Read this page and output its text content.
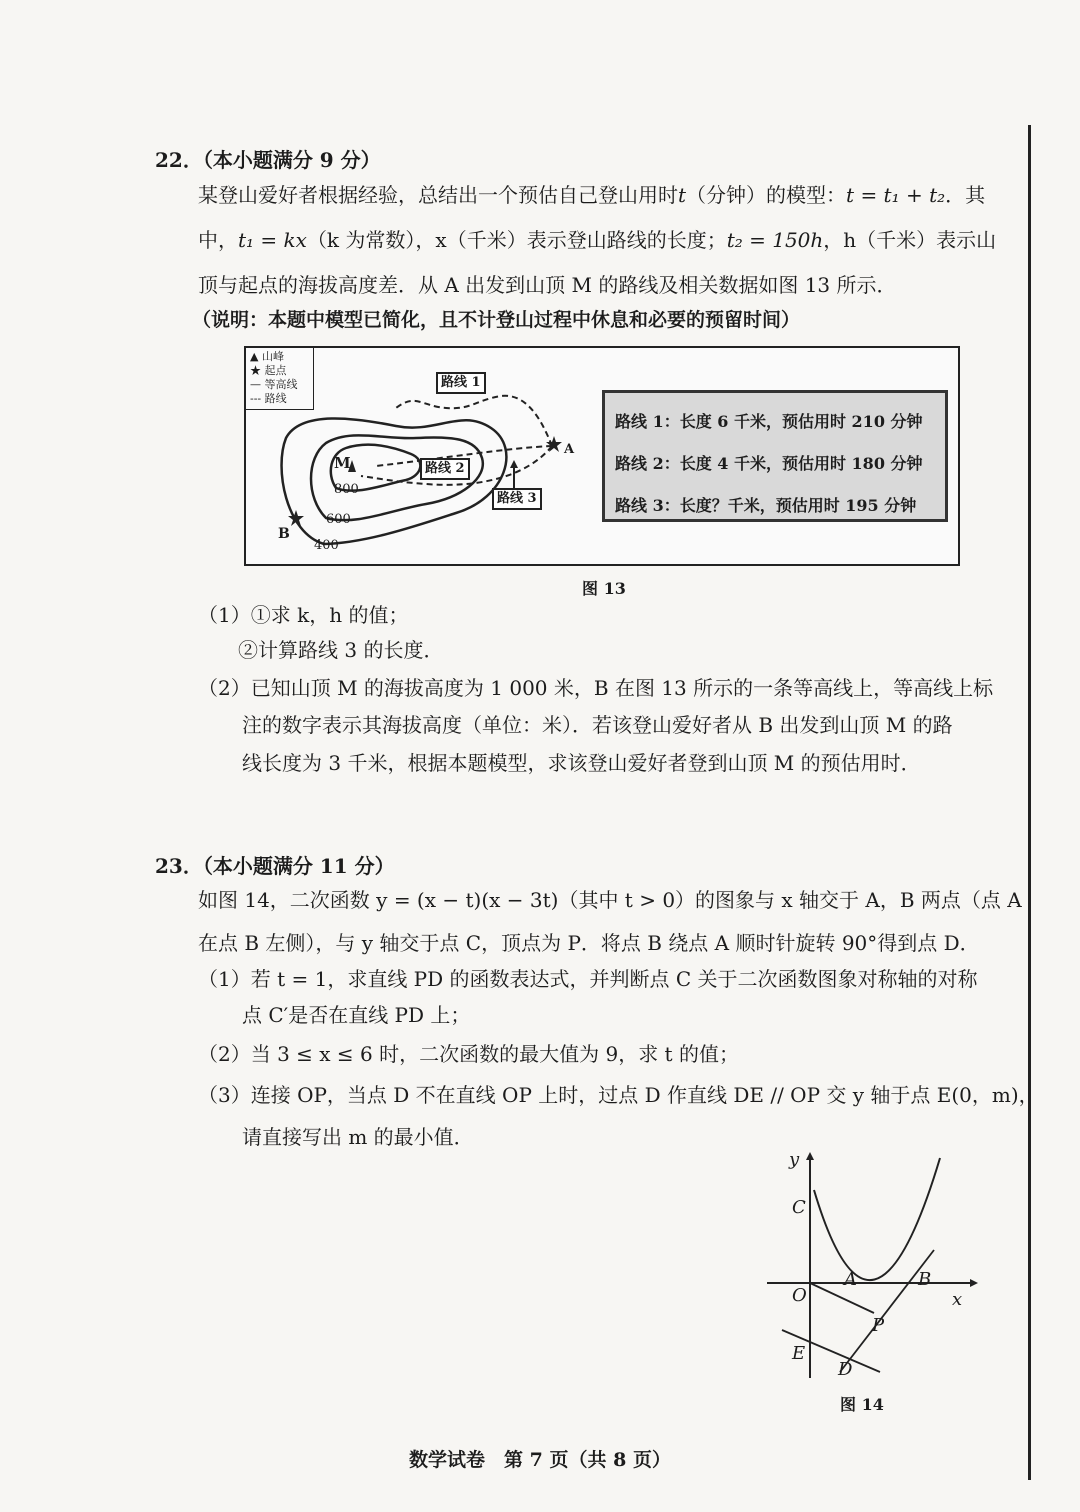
22．（本小题满分 9 分）
某登山爱好者根据经验，总结出一个预估自己登山用时t（分钟）的模型：t = t₁ + t₂．其
中，t₁ = kx（k 为常数），x（千米）表示登山路线的长度；t₂ = 150h，h（千米）表示山
顶与起点的海拔高度差．从 A 出发到山顶 M 的路线及相关数据如图 13 所示．
（说明：本题中模型已简化，且不计登山过程中休息和必要的预留时间）
▲ 山峰
★ 起点
— 等高线
--- 路线
M
A
B
800
600
400
路线 1
路线 2
路线 3
路线 1：长度 6 千米，预估用时 210 分钟
路线 2：长度 4 千米，预估用时 180 分钟
路线 3：长度？千米，预估用时 195 分钟
图 13
（1）①求 k，h 的值；
②计算路线 3 的长度．
（2）已知山顶 M 的海拔高度为 1 000 米，B 在图 13 所示的一条等高线上，等高线上标
注的数字表示其海拔高度（单位：米）．若该登山爱好者从 B 出发到山顶 M 的路
线长度为 3 千米，根据本题模型，求该登山爱好者登到山顶 M 的预估用时．
23．（本小题满分 11 分）
如图 14，二次函数 y = (x − t)(x − 3t)（其中 t > 0）的图象与 x 轴交于 A，B 两点（点 A
在点 B 左侧），与 y 轴交于点 C，顶点为 P．将点 B 绕点 A 顺时针旋转 90°得到点 D．
（1）若 t = 1，求直线 PD 的函数表达式，并判断点 C 关于二次函数图象对称轴的对称
点 C′是否在直线 PD 上；
（2）当 3 ≤ x ≤ 6 时，二次函数的最大值为 9，求 t 的值；
（3）连接 OP，当点 D 不在直线 OP 上时，过点 D 作直线 DE // OP 交 y 轴于点 E(0，m)，
请直接写出 m 的最小值．
y
x
C
O
A	B
P
E
D
图 14
数学试卷　第 7 页（共 8 页）
